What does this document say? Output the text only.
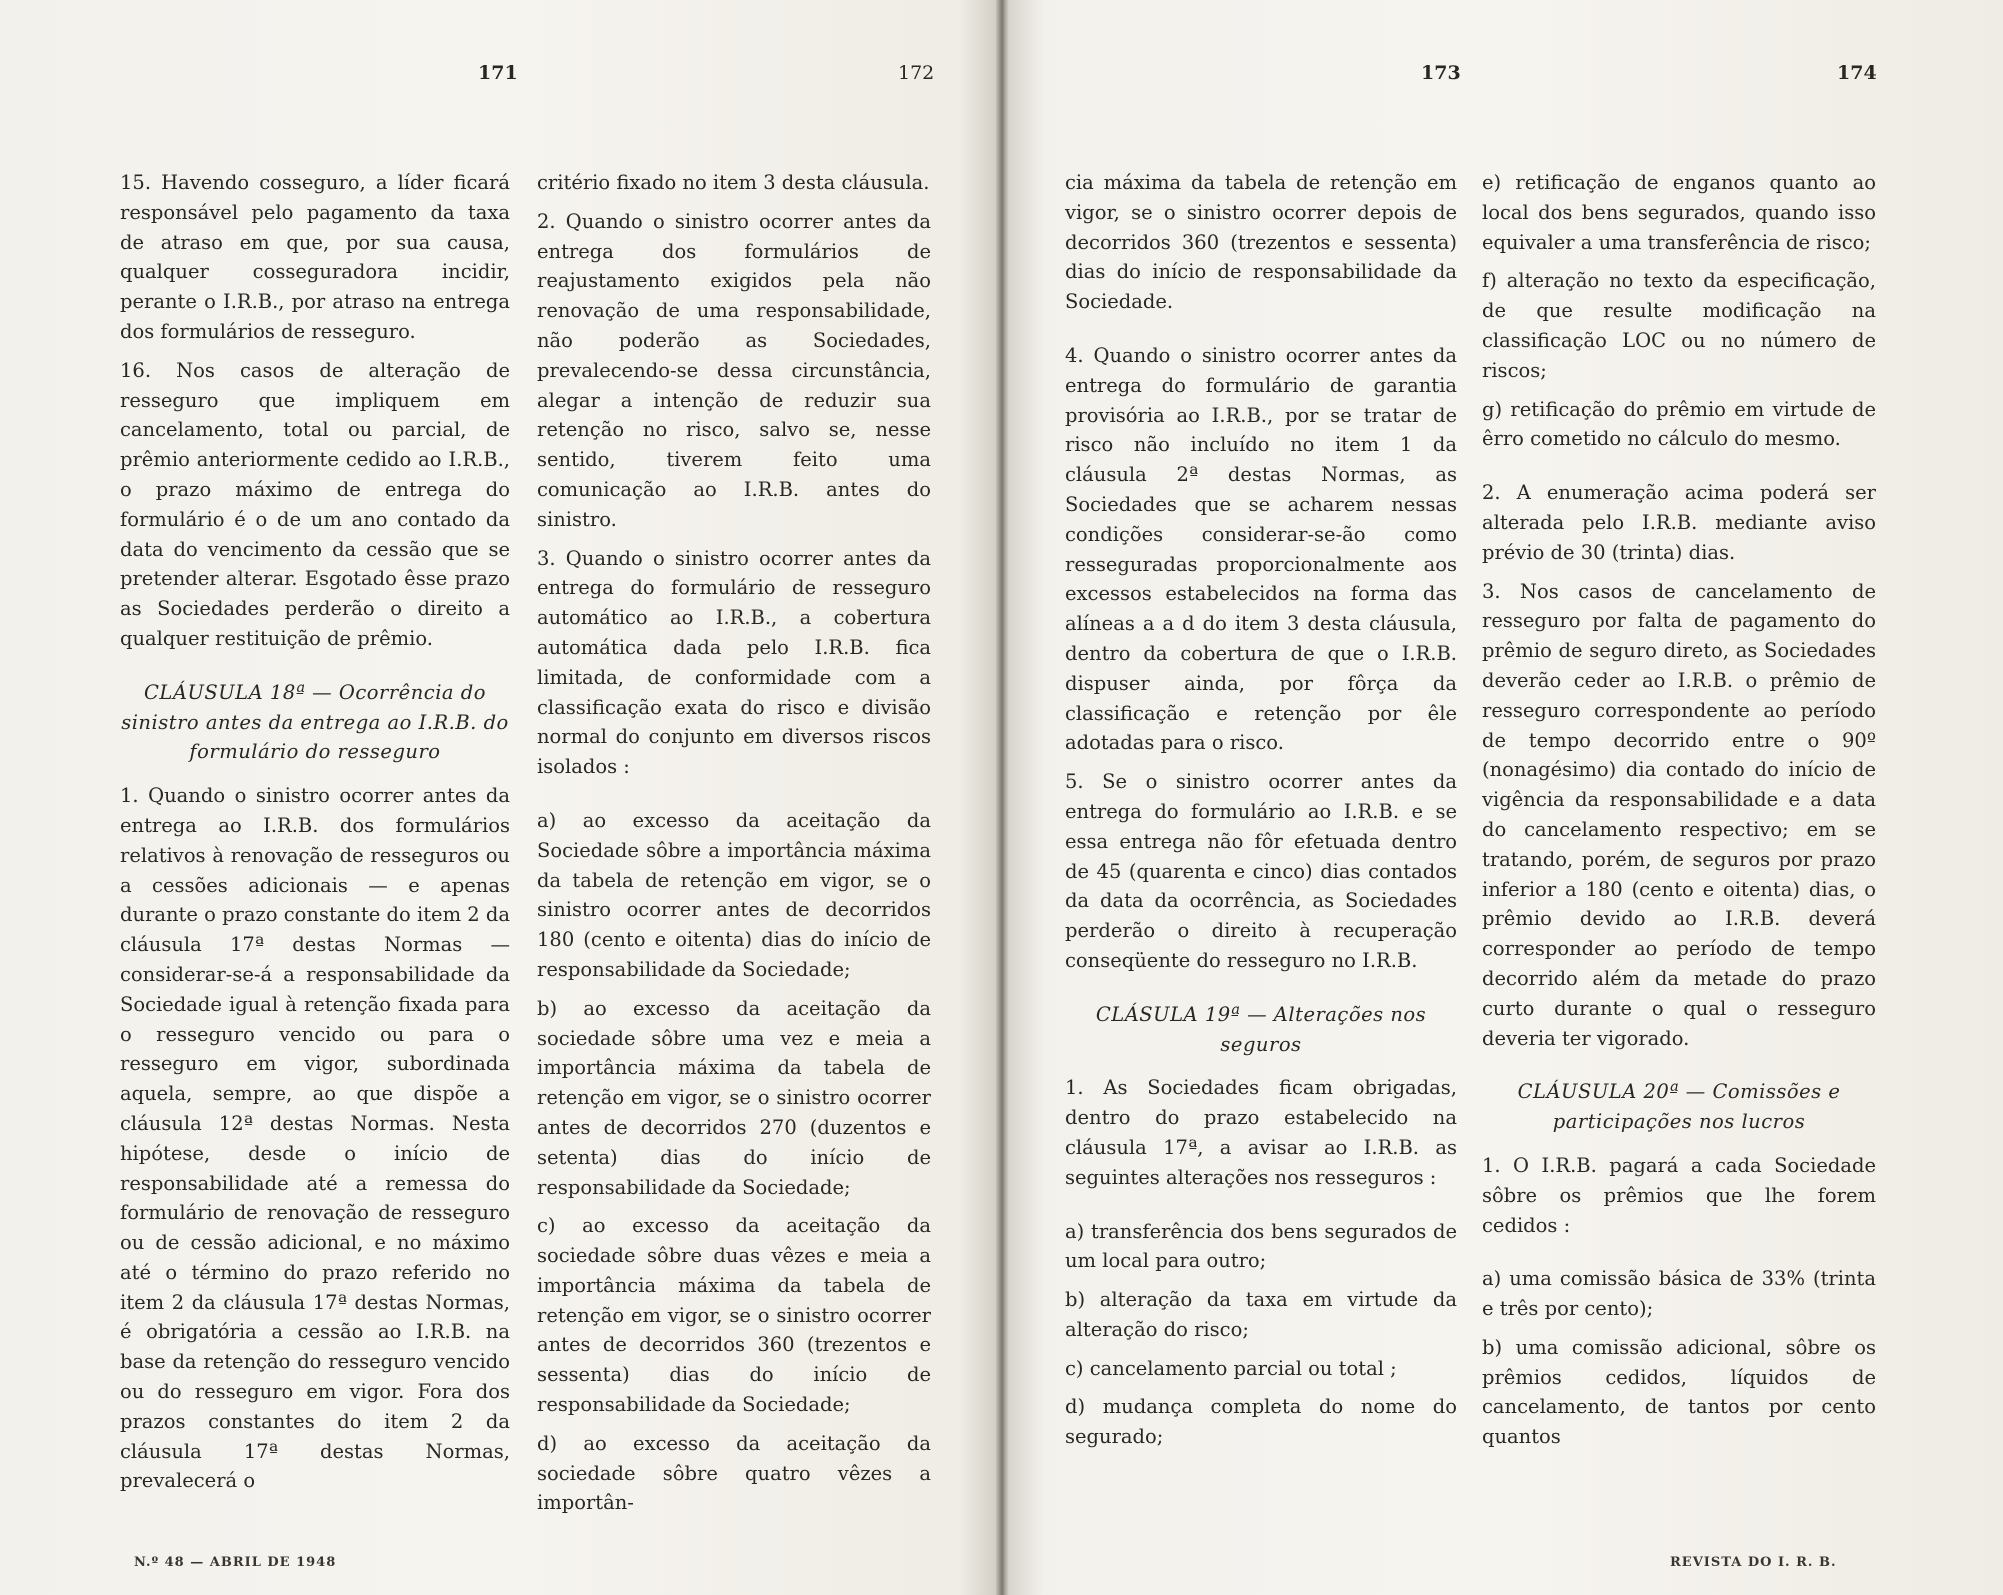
171	172	173	174

15. Havendo cosseguro, a líder ficará responsável pelo pagamento da taxa de atraso em que, por sua causa, qualquer cosseguradora incidir, perante o I.R.B., por atraso na entrega dos formulários de resseguro.

16. Nos casos de alteração de resseguro que impliquem em cancelamento, total ou parcial, de prêmio anteriormente cedido ao I.R.B., o prazo máximo de entrega do formulário é o de um ano contado da data do vencimento da cessão que se pretender alterar. Esgotado êsse prazo as Sociedades perderão o direito a qualquer restituição de prêmio.

CLÁUSULA 18ª — Ocorrência do sinistro antes da entrega ao I.R.B. do formulário do resseguro

1. Quando o sinistro ocorrer antes da entrega ao I.R.B. dos formulários relativos à renovação de resseguros ou a cessões adicionais — e apenas durante o prazo constante do item 2 da cláusula 17ª destas Normas — considerar-se-á a responsabilidade da Sociedade igual à retenção fixada para o resseguro vencido ou para o resseguro em vigor, subordinada aquela, sempre, ao que dispõe a cláusula 12ª destas Normas. Nesta hipótese, desde o início de responsabilidade até a remessa do formulário de renovação de resseguro ou de cessão adicional, e no máximo até o término do prazo referido no item 2 da cláusula 17ª destas Normas, é obrigatória a cessão ao I.R.B. na base da retenção do resseguro vencido ou do resseguro em vigor. Fora dos prazos constantes do item 2 da cláusula 17ª destas Normas, prevalecerá o

critério fixado no item 3 desta cláusula.

2. Quando o sinistro ocorrer antes da entrega dos formulários de reajustamento exigidos pela não renovação de uma responsabilidade, não poderão as Sociedades, prevalecendo-se dessa circunstância, alegar a intenção de reduzir sua retenção no risco, salvo se, nesse sentido, tiverem feito uma comunicação ao I.R.B. antes do sinistro.

3. Quando o sinistro ocorrer antes da entrega do formulário de resseguro automático ao I.R.B., a cobertura automática dada pelo I.R.B. fica limitada, de conformidade com a classificação exata do risco e divisão normal do conjunto em diversos riscos isolados :

a) ao excesso da aceitação da Sociedade sôbre a importância máxima da tabela de retenção em vigor, se o sinistro ocorrer antes de decorridos 180 (cento e oitenta) dias do início de responsabilidade da Sociedade;

b) ao excesso da aceitação da sociedade sôbre uma vez e meia a importância máxima da tabela de retenção em vigor, se o sinistro ocorrer antes de decorridos 270 (duzentos e setenta) dias do início de responsabilidade da Sociedade;

c) ao excesso da aceitação da sociedade sôbre duas vêzes e meia a importância máxima da tabela de retenção em vigor, se o sinistro ocorrer antes de decorridos 360 (trezentos e sessenta) dias do início de responsabilidade da Sociedade;

d) ao excesso da aceitação da sociedade sôbre quatro vêzes a importân-

cia máxima da tabela de retenção em vigor, se o sinistro ocorrer depois de decorridos 360 (trezentos e sessenta) dias do início de responsabilidade da Sociedade.

4. Quando o sinistro ocorrer antes da entrega do formulário de garantia provisória ao I.R.B., por se tratar de risco não incluído no item 1 da cláusula 2ª destas Normas, as Sociedades que se acharem nessas condições considerar-se-ão como resseguradas proporcionalmente aos excessos estabelecidos na forma das alíneas a a d do item 3 desta cláusula, dentro da cobertura de que o I.R.B. dispuser ainda, por fôrça da classificação e retenção por êle adotadas para o risco.

5. Se o sinistro ocorrer antes da entrega do formulário ao I.R.B. e se essa entrega não fôr efetuada dentro de 45 (quarenta e cinco) dias contados da data da ocorrência, as Sociedades perderão o direito à recuperação conseqüente do resseguro no I.R.B.

CLÁSULA 19ª — Alterações nos seguros

1. As Sociedades ficam obrigadas, dentro do prazo estabelecido na cláusula 17ª, a avisar ao I.R.B. as seguintes alterações nos resseguros :

a) transferência dos bens segurados de um local para outro;

b) alteração da taxa em virtude da alteração do risco;

c) cancelamento parcial ou total ;

d) mudança completa do nome do segurado;

e) retificação de enganos quanto ao local dos bens segurados, quando isso equivaler a uma transferência de risco;

f) alteração no texto da especificação, de que resulte modificação na classificação LOC ou no número de riscos;

g) retificação do prêmio em virtude de êrro cometido no cálculo do mesmo.

2. A enumeração acima poderá ser alterada pelo I.R.B. mediante aviso prévio de 30 (trinta) dias.

3. Nos casos de cancelamento de resseguro por falta de pagamento do prêmio de seguro direto, as Sociedades deverão ceder ao I.R.B. o prêmio de resseguro correspondente ao período de tempo decorrido entre o 90º (nonagésimo) dia contado do início de vigência da responsabilidade e a data do cancelamento respectivo; em se tratando, porém, de seguros por prazo inferior a 180 (cento e oitenta) dias, o prêmio devido ao I.R.B. deverá corresponder ao período de tempo decorrido além da metade do prazo curto durante o qual o resseguro deveria ter vigorado.

CLÁUSULA 20ª — Comissões e participações nos lucros

1. O I.R.B. pagará a cada Sociedade sôbre os prêmios que lhe forem cedidos :

a) uma comissão básica de 33% (trinta e três por cento);

b) uma comissão adicional, sôbre os prêmios cedidos, líquidos de cancelamento, de tantos por cento quantos

N.º 48 — ABRIL DE 1948	REVISTA DO I. R. B.
